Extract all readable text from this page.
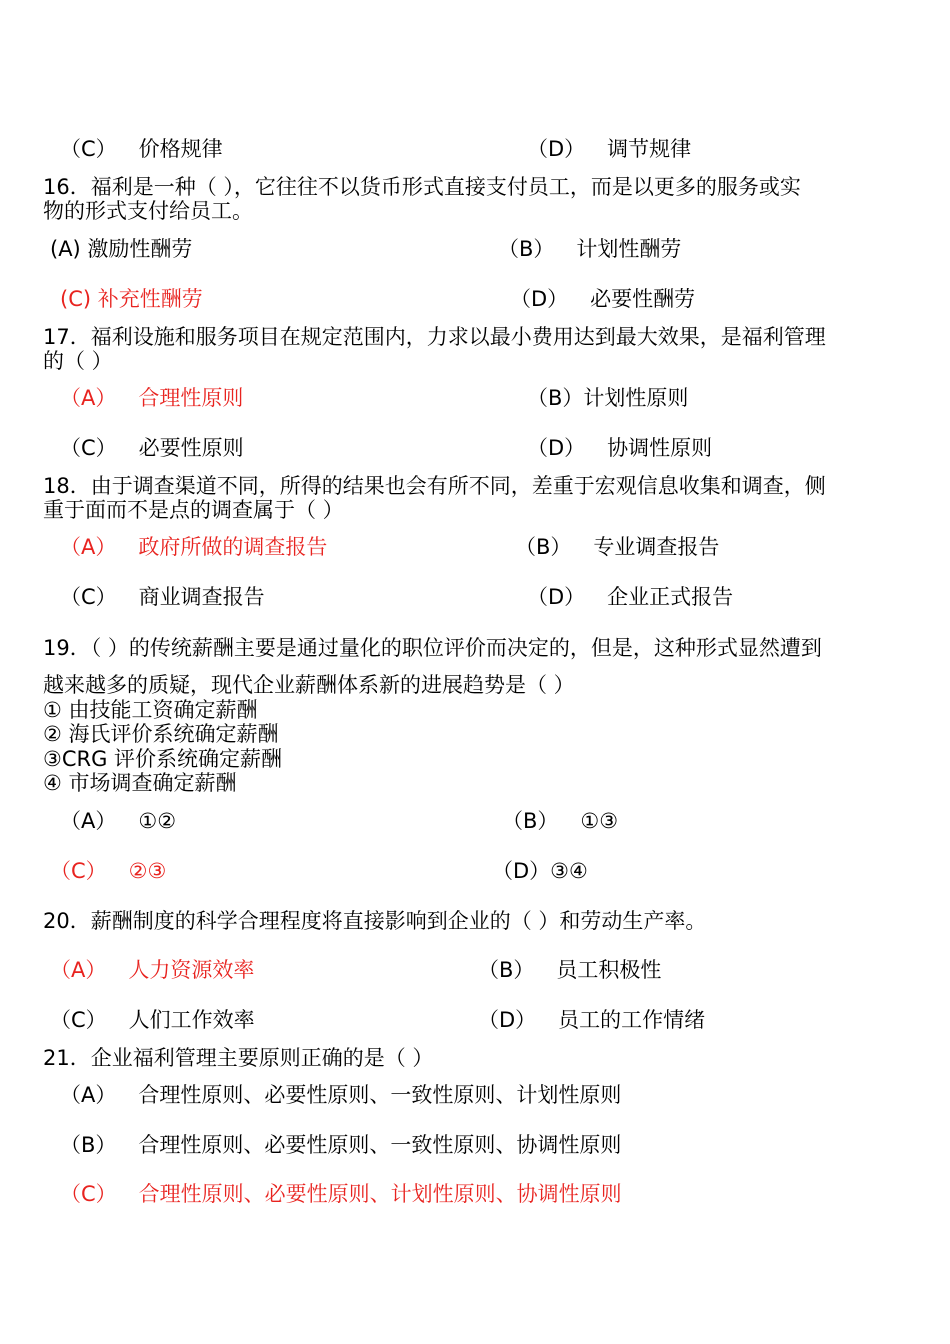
（C） 价格规律	（D） 调节规律
16．福利是一种（ ），它往往不以货币形式直接支付员工，而是以更多的服务或实
物的形式支付给员工。
(A) 激励性酬劳	（B） 计划性酬劳
(C) 补充性酬劳	（D） 必要性酬劳
17．福利设施和服务项目在规定范围内，力求以最小费用达到最大效果，是福利管理
的（ ）
（A） 合理性原则	（B）计划性原则
（C） 必要性原则	（D） 协调性原则
18．由于调查渠道不同，所得的结果也会有所不同，差重于宏观信息收集和调查，侧
重于面而不是点的调查属于（ ）
（A） 政府所做的调查报告	（B） 专业调查报告
（C） 商业调查报告	（D） 企业正式报告
19．（ ）的传统薪酬主要是通过量化的职位评价而决定的，但是，这种形式显然遭到
越来越多的质疑，现代企业薪酬体系新的进展趋势是（ ）
① 由技能工资确定薪酬
② 海氏评价系统确定薪酬
③CRG 评价系统确定薪酬
④ 市场调查确定薪酬
（A） ①②	（B） ①③
（C） ②③	（D）③④
20．薪酬制度的科学合理程度将直接影响到企业的（ ）和劳动生产率。
（A） 人力资源效率	（B） 员工积极性
（C） 人们工作效率	（D） 员工的工作情绪
21．企业福利管理主要原则正确的是（ ）
（A） 合理性原则、必要性原则、一致性原则、计划性原则
（B） 合理性原则、必要性原则、一致性原则、协调性原则
（C） 合理性原则、必要性原则、计划性原则、协调性原则
